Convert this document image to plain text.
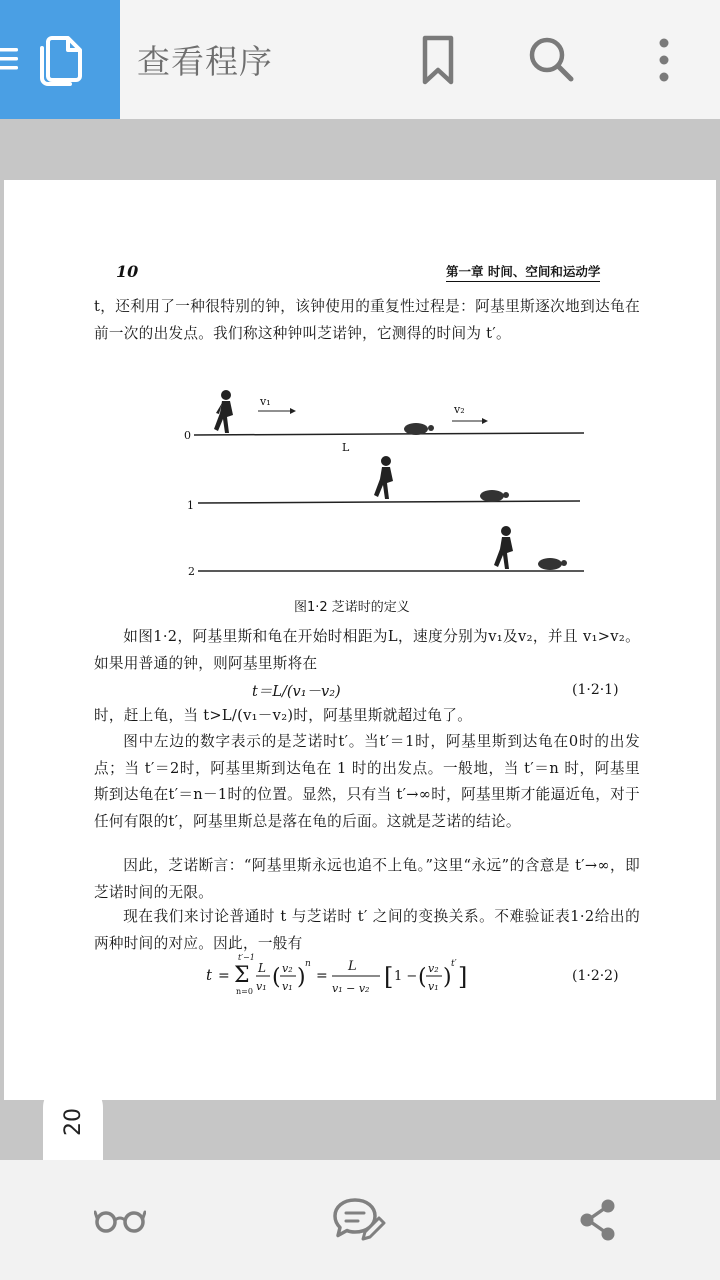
查看程序
10	第一章 时间、空间和运动学
t，还利用了一种很特别的钟，该钟使用的重复性过程是：阿基里斯逐次地到达龟在前一次的出发点。我们称这种钟叫芝诺钟，它测得的时间为 t′。
0
v₁
v₂
L
1
2
图1·2 芝诺时的定义
如图1·2，阿基里斯和龟在开始时相距为L，速度分别为v₁及v₂，并且 v₁>v₂。如果用普通的钟，则阿基里斯将在
t＝L/(v₁－v₂)	(1·2·1)
时，赶上龟，当 t>L/(v₁－v₂)时，阿基里斯就超过龟了。
图中左边的数字表示的是芝诺时t′。当t′＝1时，阿基里斯到达龟在0时的出发点；当 t′＝2时，阿基里斯到达龟在 1 时的出发点。一般地，当 t′＝n 时，阿基里斯到达龟在t′＝n－1时的位置。显然，只有当 t′→∞时，阿基里斯才能逼近龟，对于任何有限的t′，阿基里斯总是落在龟的后面。这就是芝诺的结论。
因此，芝诺断言：“阿基里斯永远也追不上龟。”这里“永远”的含意是 t′→∞，即芝诺时间的无限。
现在我们来讨论普通时 t 与芝诺时 t′ 之间的变换关系。不难验证表1·2给出的两种时间的对应。因此，一般有
t = Σ
t′−1
n=0
L
v₁ ( v₂
v₁ )
n
=
L
v₁ − v₂ [ 1 − ( v₂
v₁ )
t′ ]	(1·2·2)
20
